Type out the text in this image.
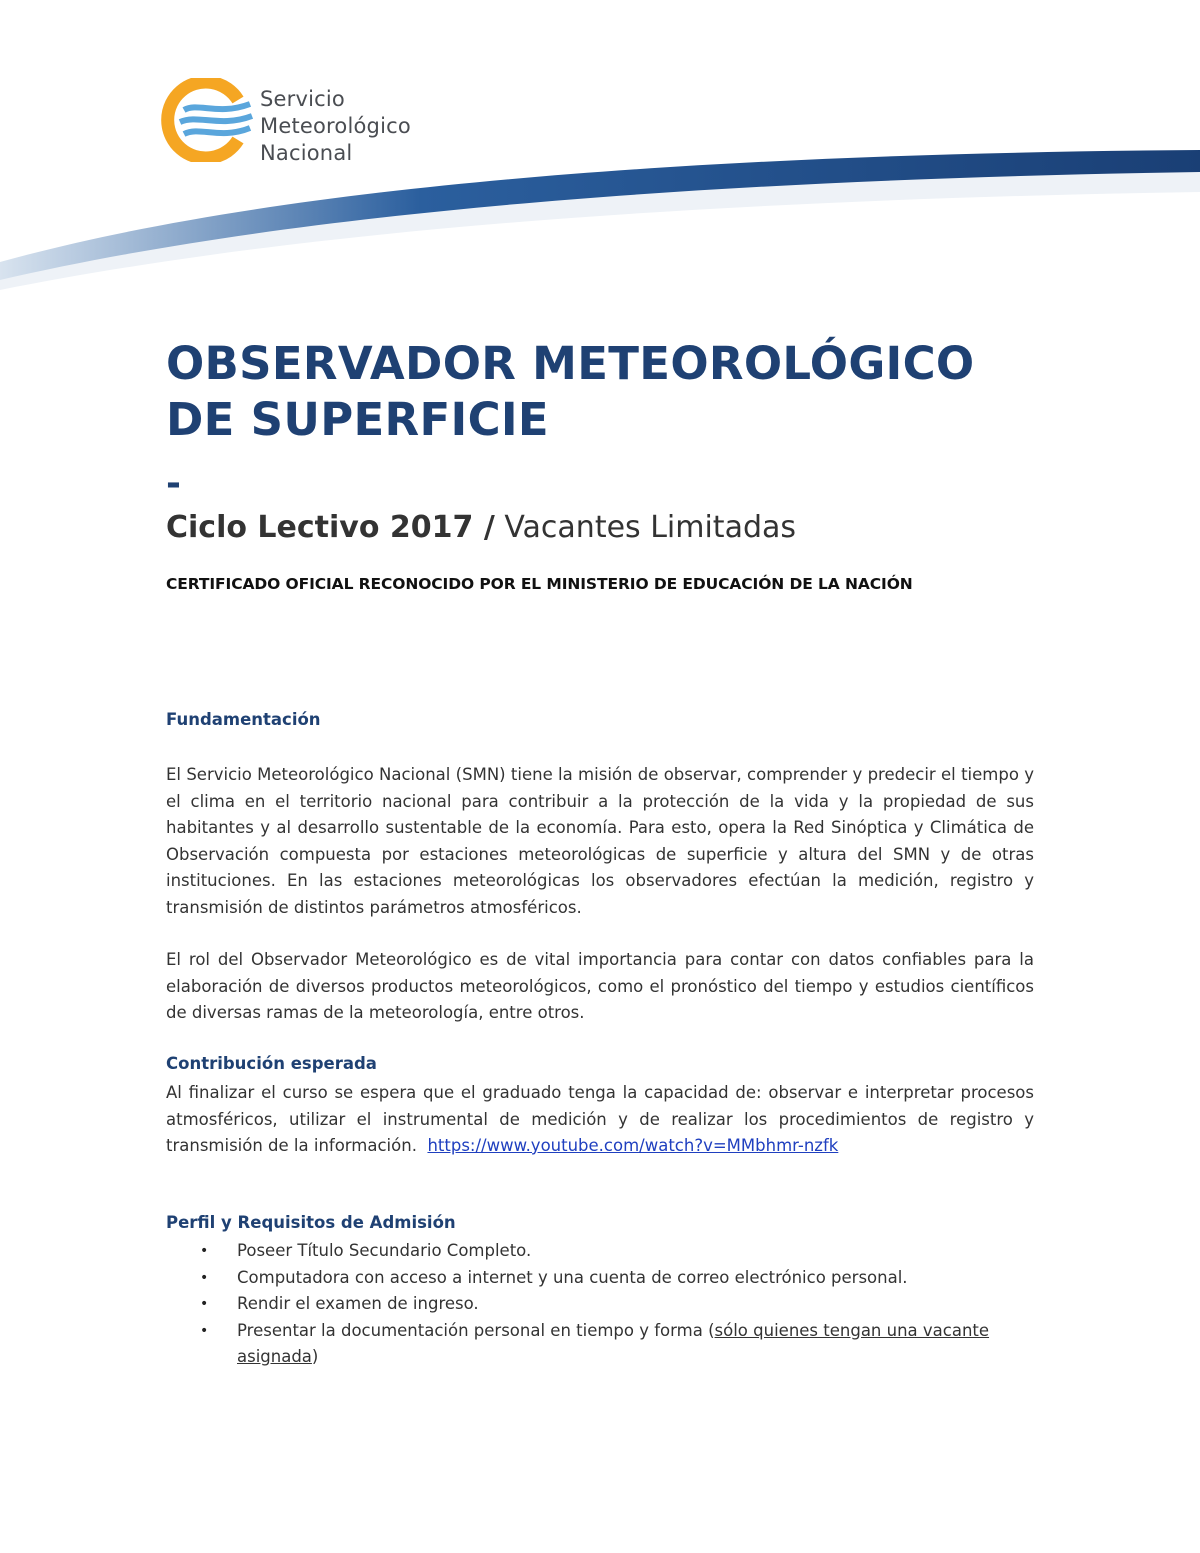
Servicio
Meteorológico
Nacional
OBSERVADOR METEOROLÓGICO
DE SUPERFICIE
-
Ciclo Lectivo 2017 / Vacantes Limitadas
CERTIFICADO OFICIAL RECONOCIDO POR EL MINISTERIO DE EDUCACIÓN DE LA NACIÓN
Fundamentación

El Servicio Meteorológico Nacional (SMN) tiene la misión de observar, comprender y predecir el tiempo y el clima en el territorio nacional para contribuir a la protección de la vida y la propiedad de sus habitantes y al desarrollo sustentable de la economía. Para esto, opera la Red Sinóptica y Climática de Observación compuesta por estaciones meteorológicas de superficie y altura del SMN y de otras instituciones. En las estaciones meteorológicas los observadores efectúan la medición, registro y transmisión de distintos parámetros atmosféricos.

El rol del Observador Meteorológico es de vital importancia para contar con datos confiables para la elaboración de diversos productos meteorológicos, como el pronóstico del tiempo y estudios científicos de diversas ramas de la meteorología, entre otros.

Contribución esperada

Al finalizar el curso se espera que el graduado tenga la capacidad de: observar e interpretar procesos atmosféricos, utilizar el instrumental de medición y de realizar los procedimientos de registro y transmisión de la información. https://www.youtube.com/watch?v=MMbhmr-nzfk

Perfil y Requisitos de Admisión
• Poseer Título Secundario Completo.
• Computadora con acceso a internet y una cuenta de correo electrónico personal.
• Rendir el examen de ingreso.
• Presentar la documentación personal en tiempo y forma (sólo quienes tengan una vacante asignada)
